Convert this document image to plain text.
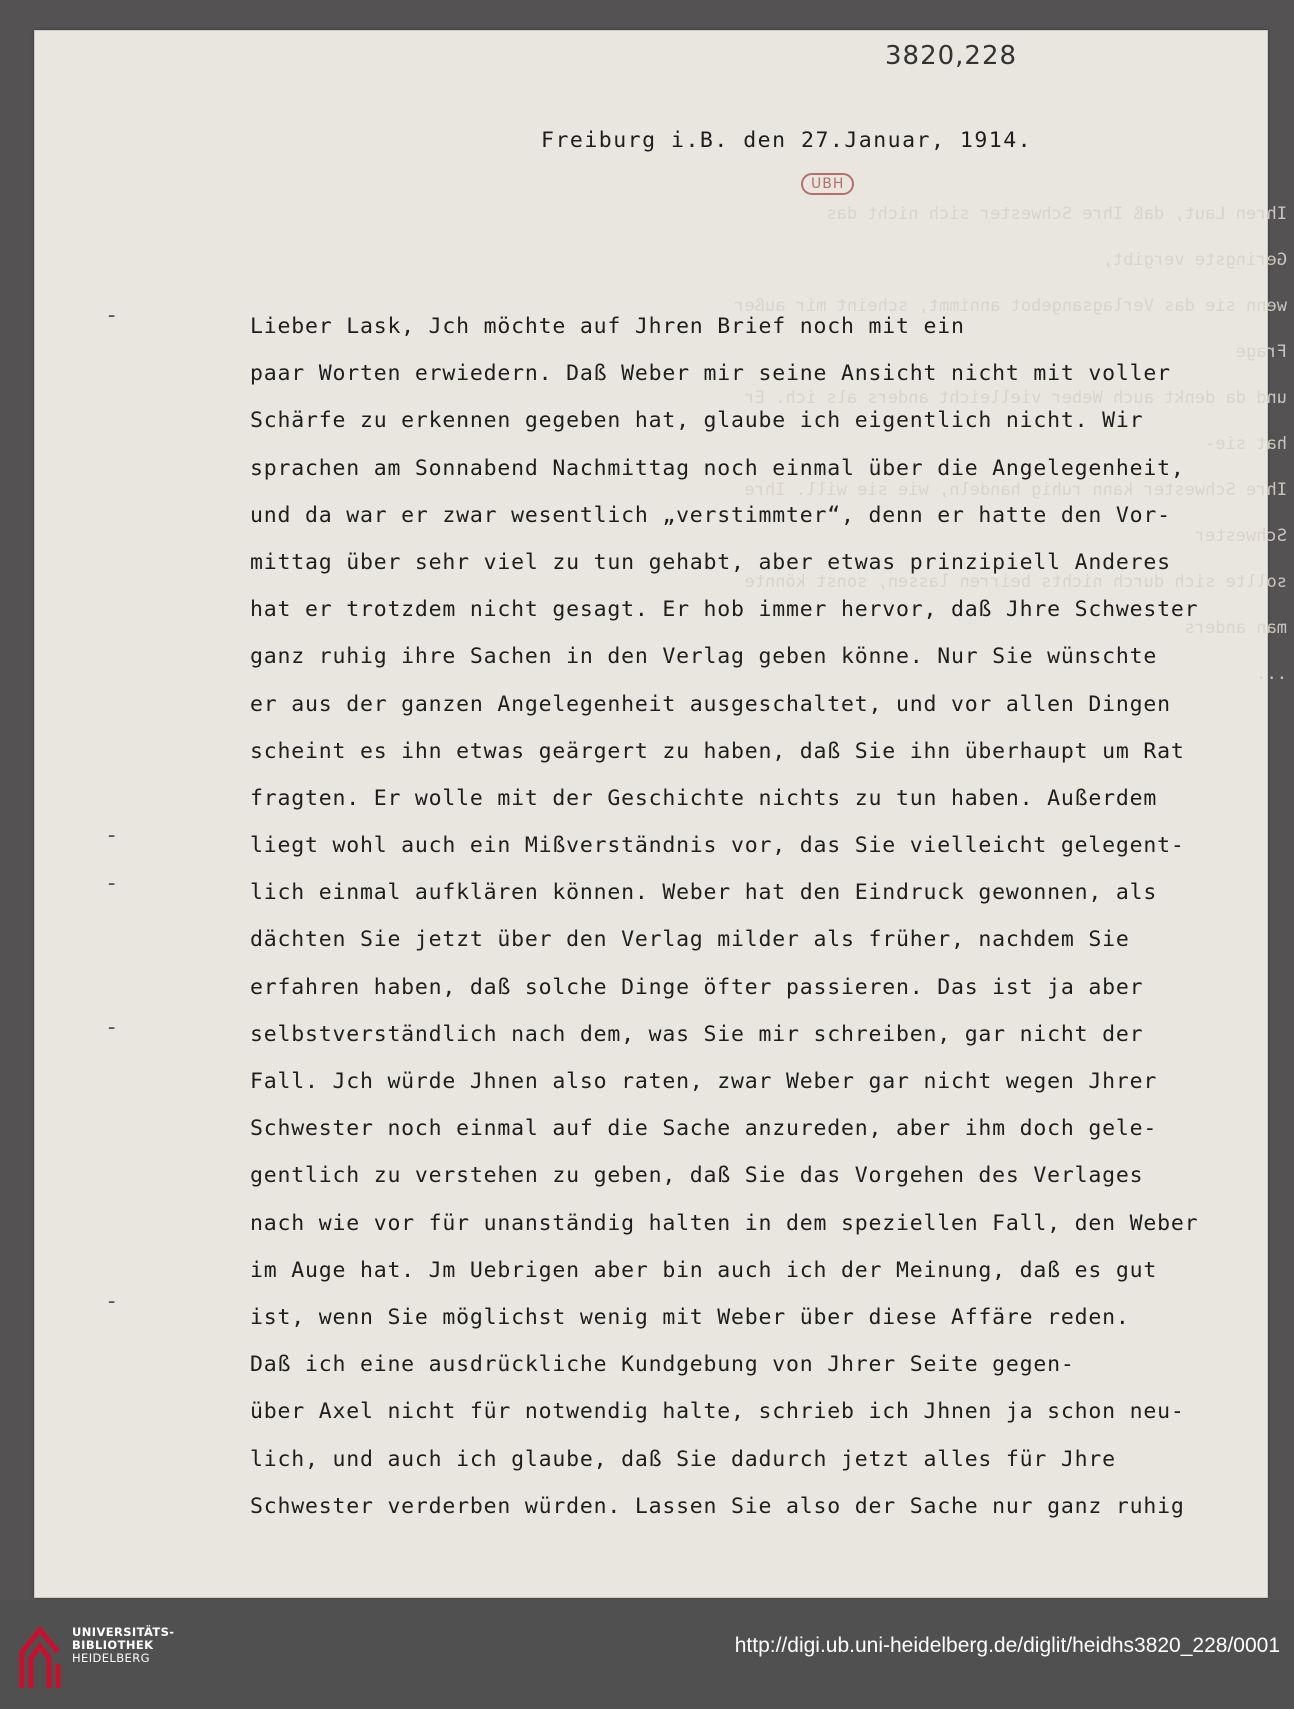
Ihren Laut, daß Ihre Schwester sich nicht das Geringste vergibt,
wenn sie das Verlagsangebot annimmt, scheint mir außer Frage
und da denkt auch Weber vielleicht anders als ich. Er hat sie-
Ihre Schwester kann ruhig handeln, wie sie will. Ihre Schwester
sollte sich durch nichts beirren lassen, sonst könnte man anders
...
3820,228
UBH
Freiburg i.B. den 27.Januar, 1914.
-
-
-
-
-
Lieber Lask, Jch möchte auf Jhren Brief noch mit ein
paar Worten erwiedern. Daß Weber mir seine Ansicht nicht mit voller
Schärfe zu erkennen gegeben hat, glaube ich eigentlich nicht. Wir
sprachen am Sonnabend Nachmittag noch einmal über die Angelegenheit,
und da war er zwar wesentlich „verstimmter“, denn er hatte den Vor-
mittag über sehr viel zu tun gehabt, aber etwas prinzipiell Anderes
hat er trotzdem nicht gesagt. Er hob immer hervor, daß Jhre Schwester
ganz ruhig ihre Sachen in den Verlag geben könne. Nur Sie wünschte
er aus der ganzen Angelegenheit ausgeschaltet, und vor allen Dingen
scheint es ihn etwas geärgert zu haben, daß Sie ihn überhaupt um Rat
fragten. Er wolle mit der Geschichte nichts zu tun haben. Außerdem
liegt wohl auch ein Mißverständnis vor, das Sie vielleicht gelegent-
lich einmal aufklären können. Weber hat den Eindruck gewonnen, als
dächten Sie jetzt über den Verlag milder als früher, nachdem Sie
erfahren haben, daß solche Dinge öfter passieren. Das ist ja aber
selbstverständlich nach dem, was Sie mir schreiben, gar nicht der
Fall. Jch würde Jhnen also raten, zwar Weber gar nicht wegen Jhrer
Schwester noch einmal auf die Sache anzureden, aber ihm doch gele-
gentlich zu verstehen zu geben, daß Sie das Vorgehen des Verlages
nach wie vor für unanständig halten in dem speziellen Fall, den Weber
im Auge hat. Jm Uebrigen aber bin auch ich der Meinung, daß es gut
ist, wenn Sie möglichst wenig mit Weber über diese Affäre reden.
Daß ich eine ausdrückliche Kundgebung von Jhrer Seite gegen-
über Axel nicht für notwendig halte, schrieb ich Jhnen ja schon neu-
lich, und auch ich glaube, daß Sie dadurch jetzt alles für Jhre
Schwester verderben würden. Lassen Sie also der Sache nur ganz ruhig
UNIVERSITÄTS-
BIBLIOTHEK
HEIDELBERG
http://digi.ub.uni-heidelberg.de/diglit/heidhs3820_228/0001
